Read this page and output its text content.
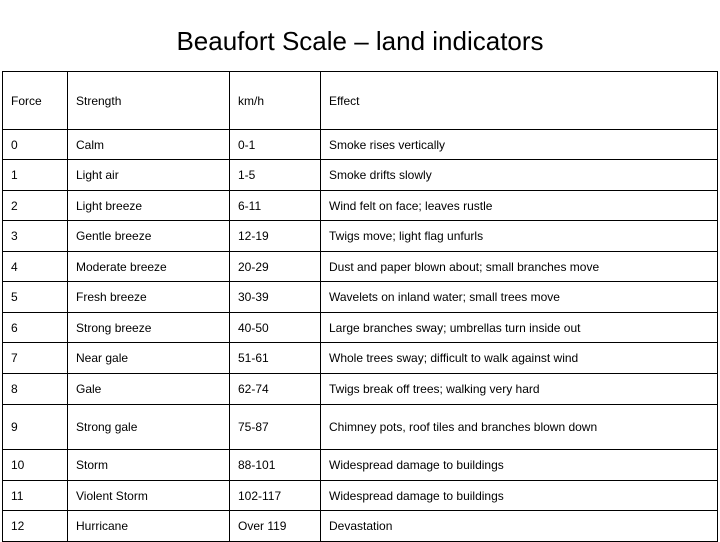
Beaufort Scale – land indicators
Force	Strength	km/h	Effect
0	Calm	0-1	Smoke rises vertically
1	Light air	1-5	Smoke drifts slowly
2	Light breeze	6-11	Wind felt on face; leaves rustle
3	Gentle breeze	12-19	Twigs move; light flag unfurls
4	Moderate breeze	20-29	Dust and paper blown about; small branches move
5	Fresh breeze	30-39	Wavelets on inland water; small trees move
6	Strong breeze	40-50	Large branches sway; umbrellas turn inside out
7	Near gale	51-61	Whole trees sway; difficult to walk against wind
8	Gale	62-74	Twigs break off trees; walking very hard
9	Strong gale	75-87	Chimney pots, roof tiles and branches blown down
10	Storm	88-101	Widespread damage to buildings
11	Violent Storm	102-117	Widespread damage to buildings
12	Hurricane	Over 119	Devastation
